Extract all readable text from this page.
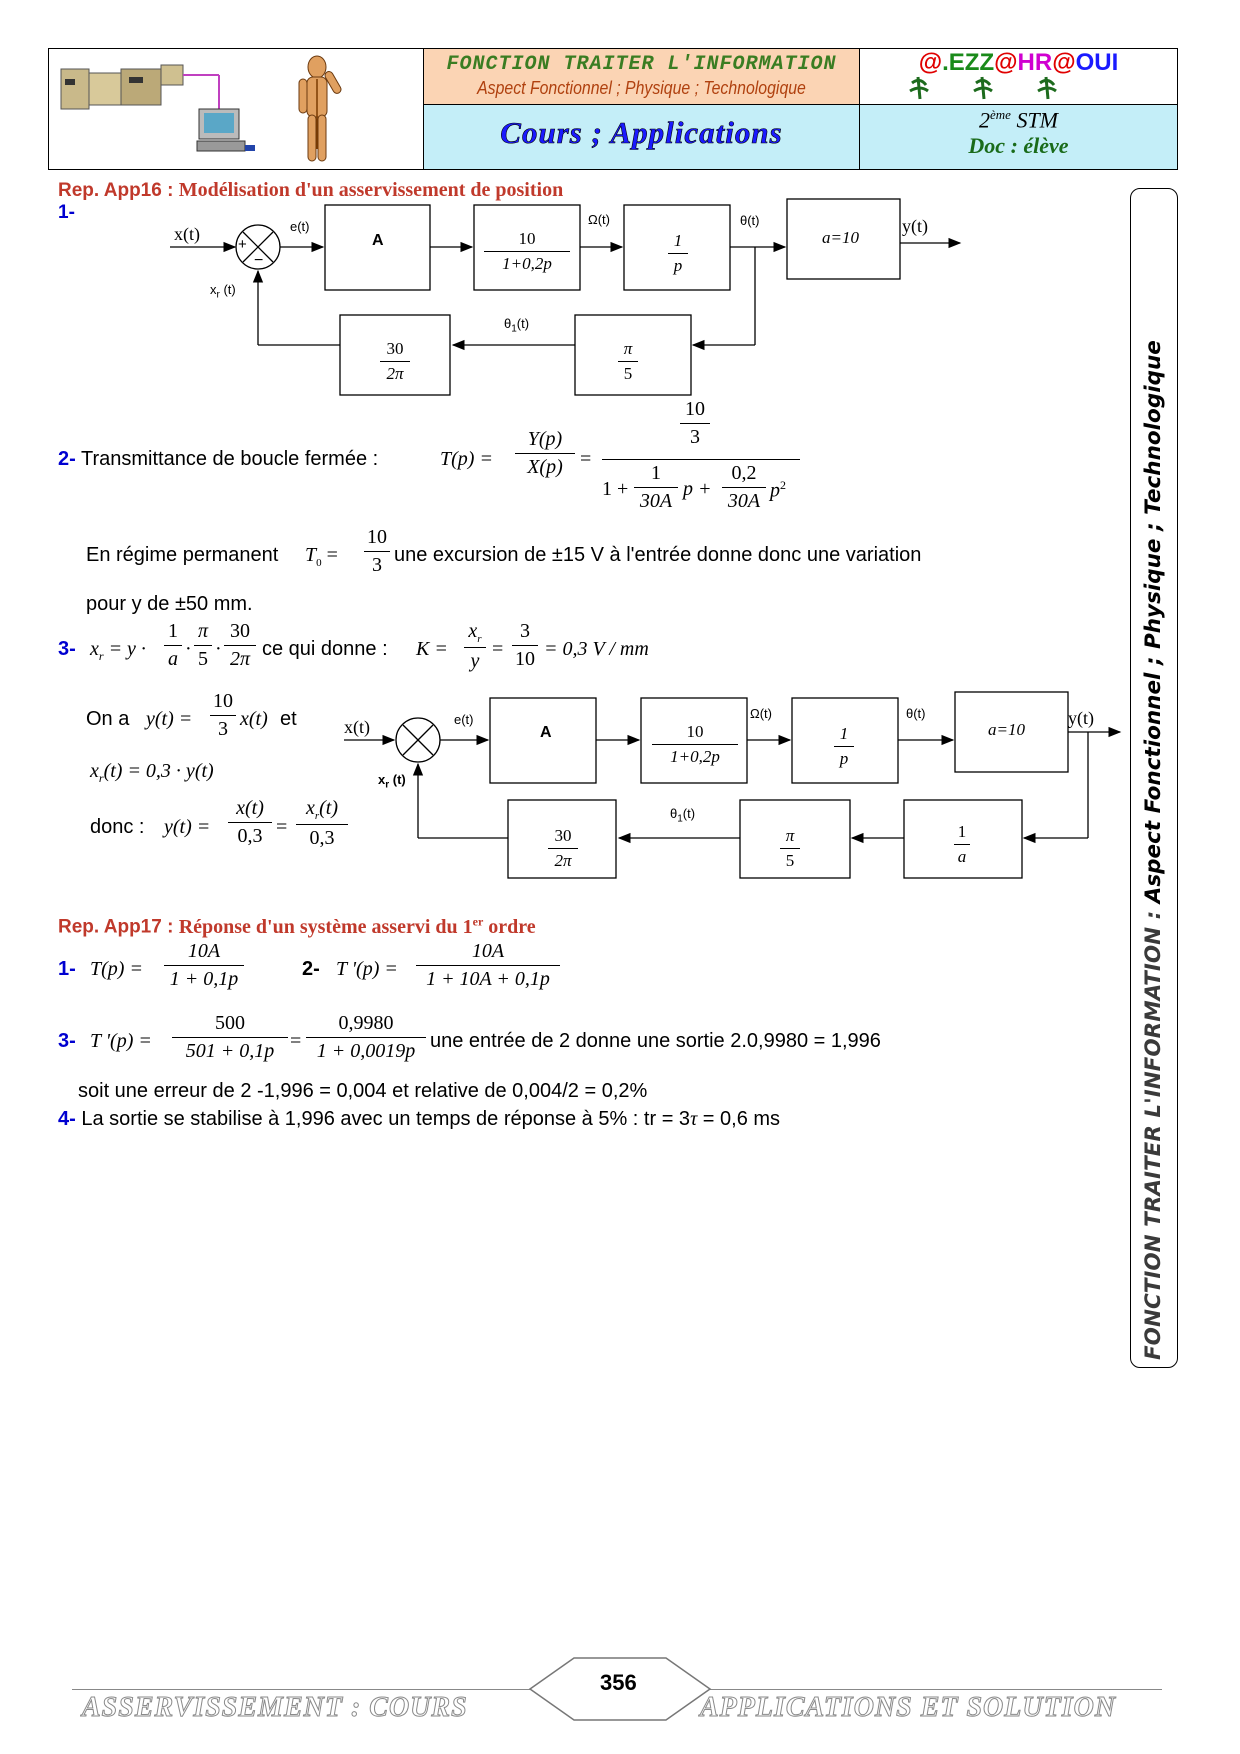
FONCTION TRAITER L'INFORMATION
Aspect Fonctionnel ; Physique ; Technologique
Cours ; Applications
@.EZZ@HR@OUI
2ème STM
Doc : élève
FONCTION TRAITER L'INFORMATION : Aspect Fonctionnel ; Physique ; Technologique
Rep. App16 : Modélisation d'un asservissement de position
1-
x(t)
+
−
e(t)
$x_r$ (t)
A	10
1+0,2p
Ω(t)
1
p
θ(t)
a=10
y(t)
$\theta_1(t)$
30
2π
π
5
2- Transmittance de boucle fermée :	T(p) =
Y(p)
X(p) =
10
3
1 +
1
30A
p +
0,2
30A $p^2$
En régime permanent $T_0$ =
10
3 une excursion de ±15 V à l'entrée donne donc une variation
pour y de ±50 mm.
3- $x_r = y$ ·
1
a ·
π
5 ·
30
2π ce qui donne : K =
$x_r$
y
=
3
10 = 0,3 V / mm
On a y(t) =
10
3 x(t) et
$x_r(t) = 0,3 \cdot y(t)$
donc : y(t) =
x(t)
0,3 =
$x_r(t)$
0,3
x(t)	e(t)
$x_r$ (t)
A	10
1+0,2p
Ω(t)
1
p
θ(t)
a=10
y(t)
$\theta_1(t)$
30
2π
π
5
1
a
Rep. App17 : Réponse d'un système asservi du 1er ordre
1- T(p) =
10A
1 + 0,1p	2- T '(p) =
10A
1 + 10A + 0,1p
3- T '(p) =
500
501 + 0,1p =
0,9980
1 + 0,0019p une entrée de 2 donne une sortie 2.0,9980 = 1,996
soit une erreur de 2 -1,996 = 0,004 et relative de 0,004/2 = 0,2%
4- La sortie se stabilise à 1,996 avec un temps de réponse à 5% : tr = 3τ = 0,6 ms
ASSERVISSEMENT : COURS
356
APPLICATIONS ET SOLUTION
